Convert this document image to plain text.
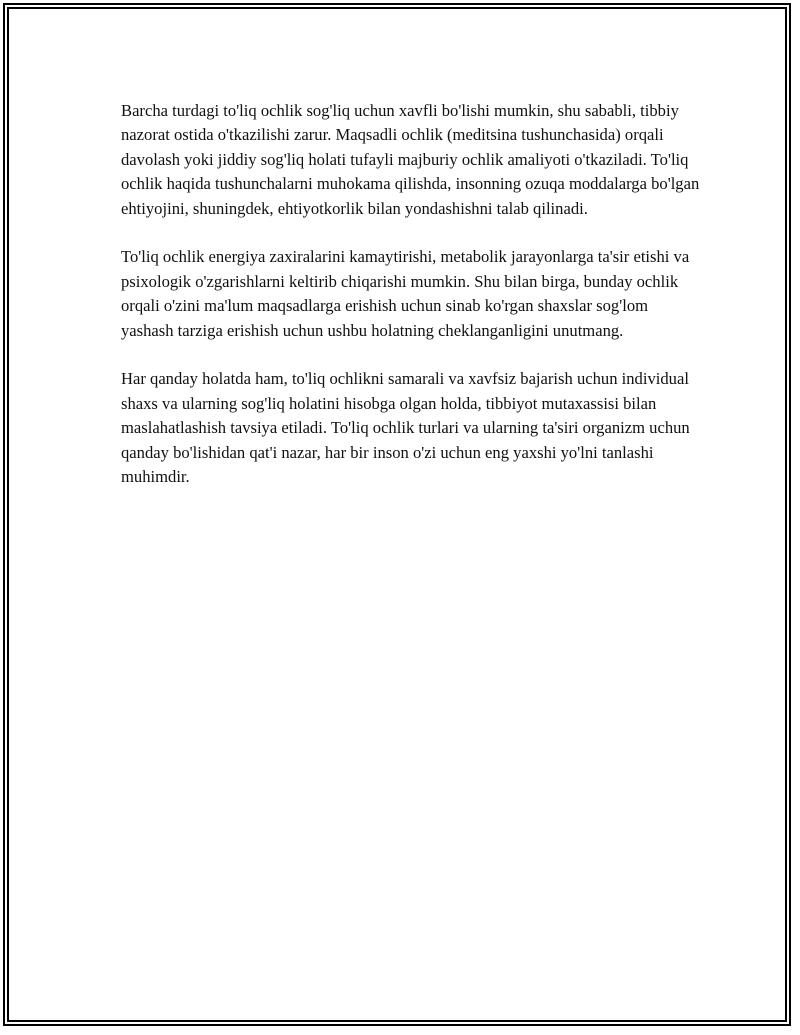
Barcha turdagi to'liq ochlik sog'liq uchun xavfli bo'lishi mumkin, shu sababli, tibbiy nazorat ostida o'tkazilishi zarur. Maqsadli ochlik (meditsina tushunchasida) orqali davolash yoki jiddiy sog'liq holati tufayli majburiy ochlik amaliyoti o'tkaziladi. To'liq ochlik haqida tushunchalarni muhokama qilishda, insonning ozuqa moddalarga bo'lgan ehtiyojini, shuningdek, ehtiyotkorlik bilan yondashishni talab qilinadi.

To'liq ochlik energiya zaxiralarini kamaytirishi, metabolik jarayonlarga ta'sir etishi va psixologik o'zgarishlarni keltirib chiqarishi mumkin. Shu bilan birga, bunday ochlik orqali o'zini ma'lum maqsadlarga erishish uchun sinab ko'rgan shaxslar sog'lom yashash tarziga erishish uchun ushbu holatning cheklanganligini unutmang.

Har qanday holatda ham, to'liq ochlikni samarali va xavfsiz bajarish uchun individual shaxs va ularning sog'liq holatini hisobga olgan holda, tibbiyot mutaxassisi bilan maslahatlashish tavsiya etiladi. To'liq ochlik turlari va ularning ta'siri organizm uchun qanday bo'lishidan qat'i nazar, har bir inson o'zi uchun eng yaxshi yo'lni tanlashi muhimdir.
